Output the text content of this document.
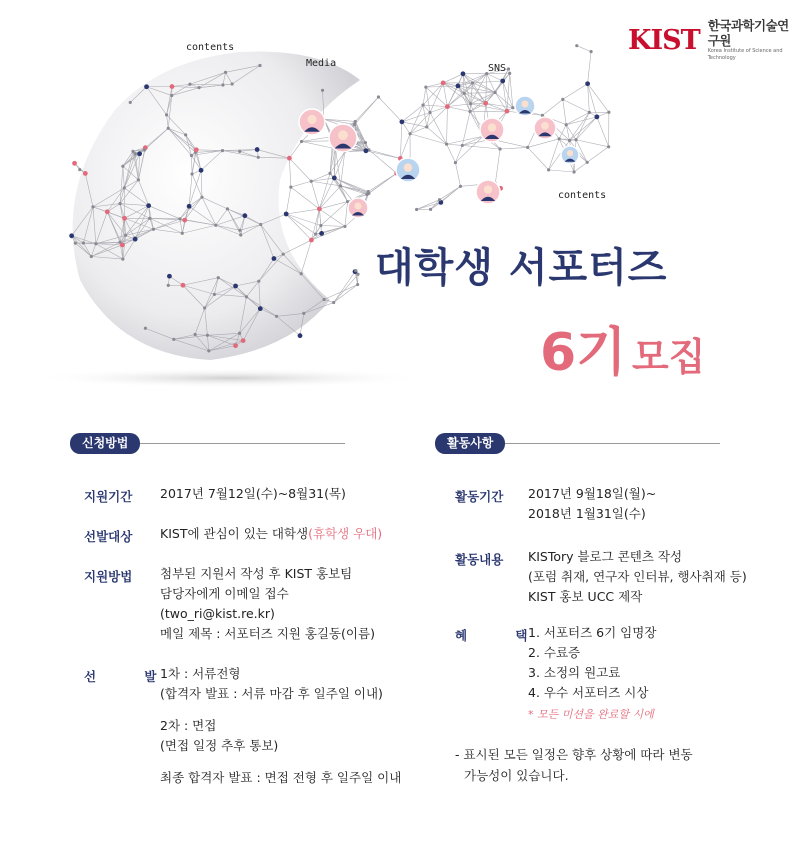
KIST 한국과학기술연구원
Korea Institute of Science and Technology
contents
Media	SNS
contents
대학생 서포터즈
6기 모집
신청방법
지원기간 2017년 7월12일(수)~8월31(목)
선발대상 KIST에 관심이 있는 대학생(휴학생 우대)
지원방법 첨부된 지원서 작성 후 KIST 홍보팀
담당자에게 이메일 접수
(two_ri@kist.re.kr)
메일 제목 : 서포터즈 지원 홍길동(이름)
선 발
1차 : 서류전형
(합격자 발표 : 서류 마감 후 일주일 이내)
2차 : 면접
(면접 일정 추후 통보)
최종 합격자 발표 : 면접 전형 후 일주일 이내
활동사항
활동기간 2017년 9월18일(월)~
2018년 1월31일(수)
활동내용 KISTory 블로그 콘텐츠 작성
(포럼 취재, 연구자 인터뷰, 행사취재 등)
KIST 홍보 UCC 제작
혜 택
1. 서포터즈 6기 임명장
2. 수료증
3. 소정의 원고료
4. 우수 서포터즈 시상
* 모든 미션을 완료할 시에
- 표시된 모든 일정은 향후 상황에 따라 변동
가능성이 있습니다.
